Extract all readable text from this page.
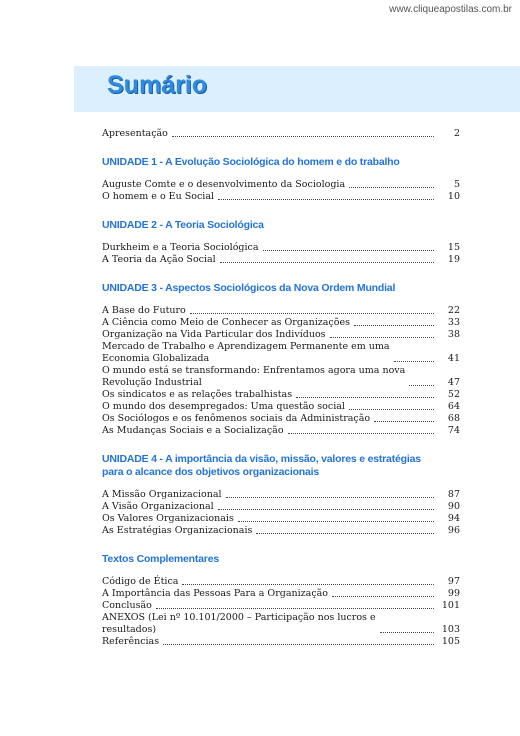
www.cliqueapostilas.com.br
Sumário
Apresentação	2
UNIDADE 1 - A Evolução Sociológica do homem e do trabalho
Auguste Comte e o desenvolvimento da Sociologia	5
O homem e o Eu Social	10
UNIDADE 2 - A Teoria Sociológica
Durkheim e a Teoria Sociológica	15
A Teoria da Ação Social	19
UNIDADE 3 - Aspectos Sociológicos da Nova Ordem Mundial
A Base do Futuro	22
A Ciência como Meio de Conhecer as Organizações	33
Organização na Vida Particular dos Indivíduos	38
Mercado de Trabalho e Aprendizagem Permanente em uma
Economia Globalizada	41
O mundo está se transformando: Enfrentamos agora uma nova
Revolução Industrial	47
Os sindicatos e as relações trabalhistas	52
O mundo dos desempregados: Uma questão social	64
Os Sociólogos e os fenômenos sociais da Administração	68
As Mudanças Sociais e a Socialização	74
UNIDADE 4 - A importância da visão, missão, valores e estratégias
para o alcance dos objetivos organizacionais
A Missão Organizacional	87
A Visão Organizacional	90
Os Valores Organizacionais	94
As Estratégias Organizacionais	96
Textos Complementares
Código de Ética	97
A Importância das Pessoas Para a Organização	99
Conclusão	101
ANEXOS (Lei nº 10.101/2000 – Participação nos lucros e
resultados)	103
Referências	105
